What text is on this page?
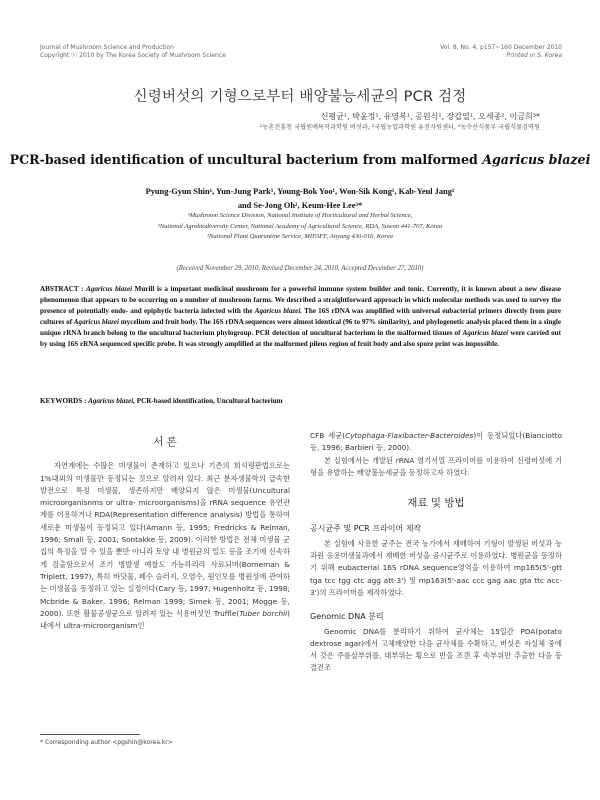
Journal of Mushroom Science and Production
Copyright ⓒ 2010 by The Korea Society of Mushroom Science
Vol. 8, No. 4, p157~160 December 2010
Printed in S. Korea
신령버섯의 기형으로부터 배양불능세균의 PCR 검정
신평균¹, 박윤정¹, 유영복¹, 공원식¹, 장갑열¹, 오세종², 이금희³*
¹농촌진흥청 국립원예특작과학원 버섯과, ²국립농업과학원 유전자원센터, ³농수산식품부 국립식물검역원
PCR-based identification of uncultural bacterium from malformed Agaricus blazei
Pyung-Gyun Shin¹, Yun-Jung Park¹, Young-Bok Yoo¹, Won-Sik Kong¹, Kab-Yeul Jang¹
and Se-Jong Oh², Keum-Hee Lee³*
¹Mushroom Science Division, National Institute of Horticultural and Herbal Science,
²National Agrobiodiversity Center, National Academy of Agricultural Science, RDA, Suwon 441-707, Korea
³National Plant Quarantine Service, MIFAFF, Anyang 430-016, Korea
(Received November 29, 2010, Revised December 24, 2010, Accepted December 27, 2010)
ABSTRACT : Agaricus blazei Murill is a important medicinal mushroom for a powerful immune system builder and tonic. Currently, it is known about a new disease phenomenon that appears to be occurring on a number of mushroom farms. We described a straightforward approach in which molecular methods was used to survey the presence of potentially endo- and epiphytic bacteria infected with the Agaricus blazei. The 16S rDNA was amplified with universal eubacterial primers directly from pure cultures of Agaricus blazei mycelium and fruit body. The 16S rDNA sequences were almost identical (96 to 97% similarity), and phylogenetic analysis placed them in a single unique rRNA branch belong to the uncultural bacterium phylogroup. PCR detection of uncultural bacterium in the malformed tissues of Agaricus blazei were carried out by using 16S rRNA sequenced specific probe. It was strongly amplified at the malformed pileus region of fruit body and also spore print was impossible.
KEYWORDS : Agaricus blazei, PCR-based identification, Uncultural bacterium
서 론

자연계에는 수많은 미생물이 존재하고 있으나 기존의 희석평판법으로는 1%내외의 미생물만 동정되는 것으로 알려져 있다. 최근 분자생물학의 급속한 발전으로 특정 미생물, 생존하지만 배양되지 않은 미생물(Uncultural microorganisnms or ultra- microorganisms)을 rRNA sequence 유연관계를 이용하거나 RDA(Representation difference analysis) 방법을 통하여 새로운 미생물이 동정되고 있다(Amann 등, 1995; Fredricks & Relman, 1996; Small 등, 2001; Sontakke 등, 2009). 이러한 방법은 전체 미생물 군집의 특징을 알 수 있을 뿐만 아니라 토양 내 병원균의 밀도 등을 조기에 신속하게 검출함으로서 조기 병발생 예찰도 가능하리라 사료되며(Borneman & Triplett, 1997), 특히 바닷물, 폐수 슬러지, 오염수, 원인모를 병원성에 관여하는 미생물을 동정하고 있는 실정이다(Cary 등, 1997; Hugenholtz 등, 1998; Mcbride & Baker, 1996; Relman 1999; Simek 등, 2001; Mogge 등, 2000). 또한 활물공생균으로 알려져 있는 식용버섯인 Truffle(Tuber borchii) 내에서 ultra-microorganism인

CFB 세균(Cytophaga-Flaxibacter-Bacteroides)이 동정되었다(Bianciotto 등, 1996; Barbieri 등, 2000).

본 실험에서는 개발된 rRNA 염기서열 프라이머를 이용하여 신령버섯에 기형을 유발하는 배양불능세균을 동정하고자 하였다.

재료 및 방법
공시균주 및 PCR 프라이머 제작

본 실험에 사용한 균주는 전국 농가에서 재배하여 기형이 발생된 버섯과 농과원 응용미생물과에서 재배한 버섯을 공시균주로 이용하였다. 병원균을 동정하기 위해 eubacterial 16S rDNA sequence영역을 이용하여 mp165(5'-gtt tga tcc tgg ctc agg att-3') 및 mp163(5'-aac ccc gag aac gta ttc acc-3')의 프라이머를 제작하였다.

Genomic DNA 분리

Genomic DNA를 분리하기 위하여 균사체는 15일간 PDA(potato dextrose agar)에서 고체배양한 다음 균사체를 수확하고, 버섯은 자실체 중에서 갓은 주름살부위를, 대부위는 횡으로 반을 조갠 후 속부위만 추출한 다음 동결건조

* Corresponding author <pgshin@korea.kr>
